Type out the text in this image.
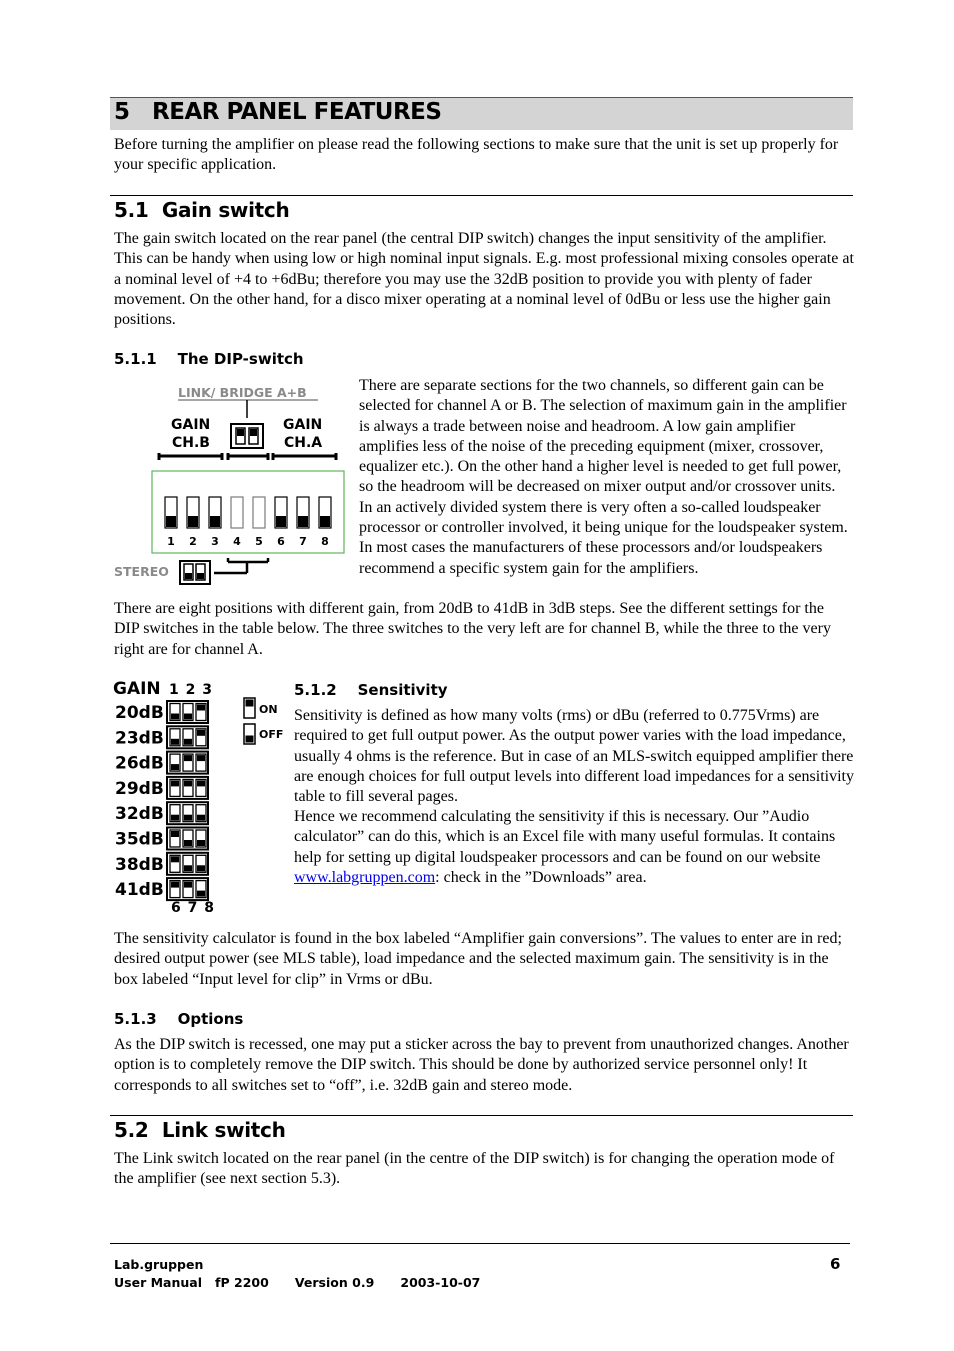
5 REAR PANEL FEATURES
Before turning the amplifier on please read the following sections to make sure that the unit is set up properly for your specific application.
5.1 Gain switch
The gain switch located on the rear panel (the central DIP switch) changes the input sensitivity of the amplifier. This can be handy when using low or high nominal input signals. E.g. most professional mixing consoles operate at a nominal level of +4 to +6dBu; therefore you may use the 32dB position to provide you with plenty of fader movement. On the other hand, for a disco mixer operating at a nominal level of 0dBu or less use the higher gain positions.
5.1.1 The DIP-switch
LINK/ BRIDGE A+B
GAIN
CH.B
GAIN
CH.A
1 2 3 4 5 6 7 8
STEREO
There are separate sections for the two channels, so different gain can be selected for channel A or B. The selection of maximum gain in the amplifier is always a trade between noise and headroom. A low gain amplifier amplifies less of the noise of the preceding equipment (mixer, crossover, equalizer etc.). On the other hand a higher level is needed to get full power, so the headroom will be decreased on mixer output and/or crossover units. In an actively divided system there is very often a so-called loudspeaker processor or controller involved, it being unique for the loudspeaker system. In most cases the manufacturers of these processors and/or loudspeakers recommend a specific system gain for the amplifiers.
There are eight positions with different gain, from 20dB to 41dB in 3dB steps. See the different settings for the DIP switches in the table below. The three switches to the very left are for channel B, while the three to the very right are for channel A.
GAIN 1 2 3
20dB
23dB
26dB
29dB
32dB
35dB
38dB
41dB
6 7 8
ON
OFF
5.1.2 Sensitivity
Sensitivity is defined as how many volts (rms) or dBu (referred to 0.775Vrms) are required to get full output power. As the output power varies with the load impedance, usually 4 ohms is the reference. But in case of an MLS-switch equipped amplifier there are enough choices for full output levels into different load impedances for a sensitivity table to fill several pages.
Hence we recommend calculating the sensitivity if this is necessary. Our ”Audio calculator” can do this, which is an Excel file with many useful formulas. It contains help for setting up digital loudspeaker processors and can be found on our website www.labgruppen.com: check in the ”Downloads” area.
The sensitivity calculator is found in the box labeled “Amplifier gain conversions”. The values to enter are in red; desired output power (see MLS table), load impedance and the selected maximum gain. The sensitivity is in the box labeled “Input level for clip” in Vrms or dBu.
5.1.3 Options
As the DIP switch is recessed, one may put a sticker across the bay to prevent from unauthorized changes. Another option is to completely remove the DIP switch. This should be done by authorized service personnel only! It corresponds to all switches set to “off”, i.e. 32dB gain and stereo mode.
5.2 Link switch
The Link switch located on the rear panel (in the centre of the DIP switch) is for changing the operation mode of the amplifier (see next section 5.3).
Lab.gruppen
User Manual fP 2200 Version 0.9 2003-10-07
6
